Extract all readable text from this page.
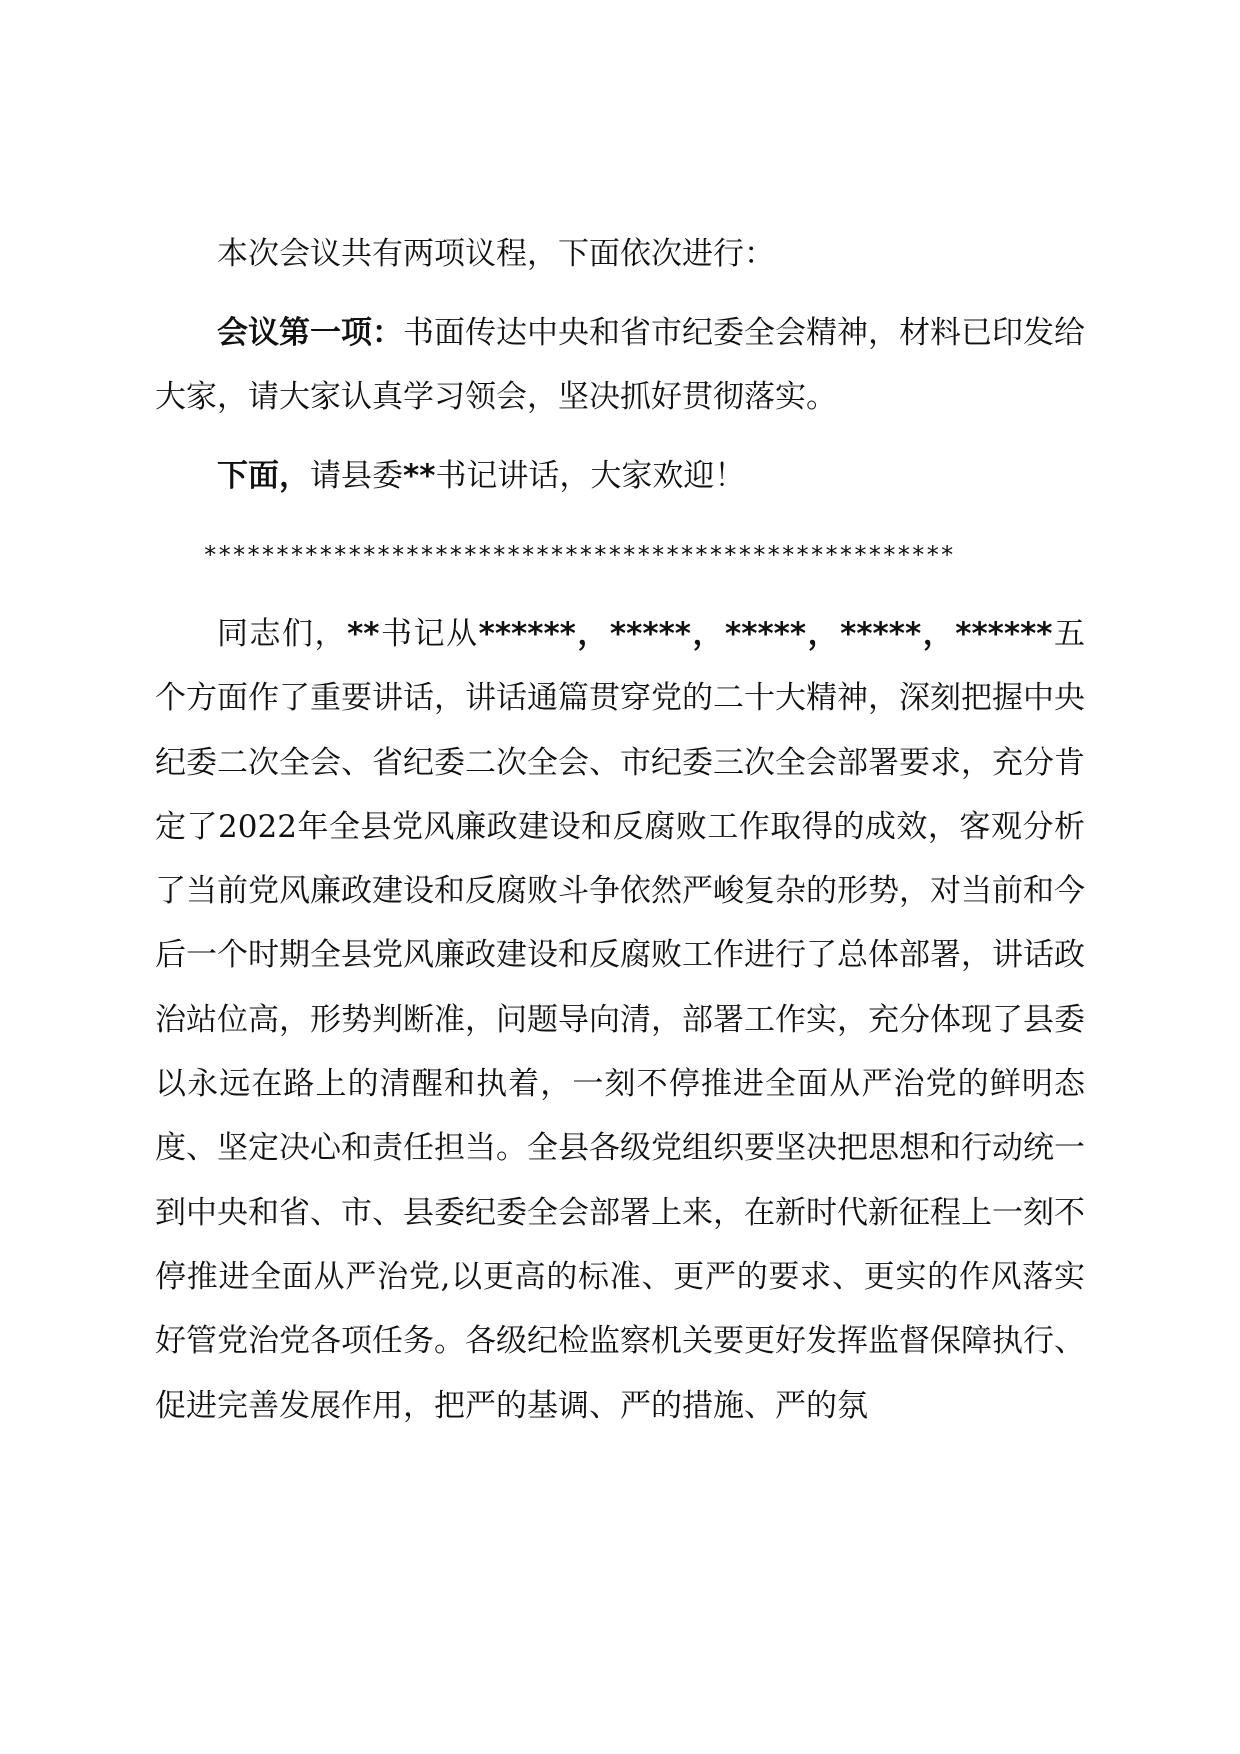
本次会议共有两项议程，下面依次进行：

会议第一项：书面传达中央和省市纪委全会精神，材料已印发给大家，请大家认真学习领会，坚决抓好贯彻落实。

下面，请县委**书记讲话，大家欢迎！

****************************************************

同志们，**书记从******，*****，*****，*****，******五个方面作了重要讲话，讲话通篇贯穿党的二十大精神，深刻把握中央纪委二次全会、省纪委二次全会、市纪委三次全会部署要求，充分肯定了2022年全县党风廉政建设和反腐败工作取得的成效，客观分析了当前党风廉政建设和反腐败斗争依然严峻复杂的形势，对当前和今后一个时期全县党风廉政建设和反腐败工作进行了总体部署，讲话政治站位高，形势判断准，问题导向清，部署工作实，充分体现了县委以永远在路上的清醒和执着，一刻不停推进全面从严治党的鲜明态度、坚定决心和责任担当。全县各级党组织要坚决把思想和行动统一到中央和省、市、县委纪委全会部署上来，在新时代新征程上一刻不停推进全面从严治党,以更高的标准、更严的要求、更实的作风落实好管党治党各项任务。各级纪检监察机关要更好发挥监督保障执行、促进完善发展作用，把严的基调、严的措施、严的氛
